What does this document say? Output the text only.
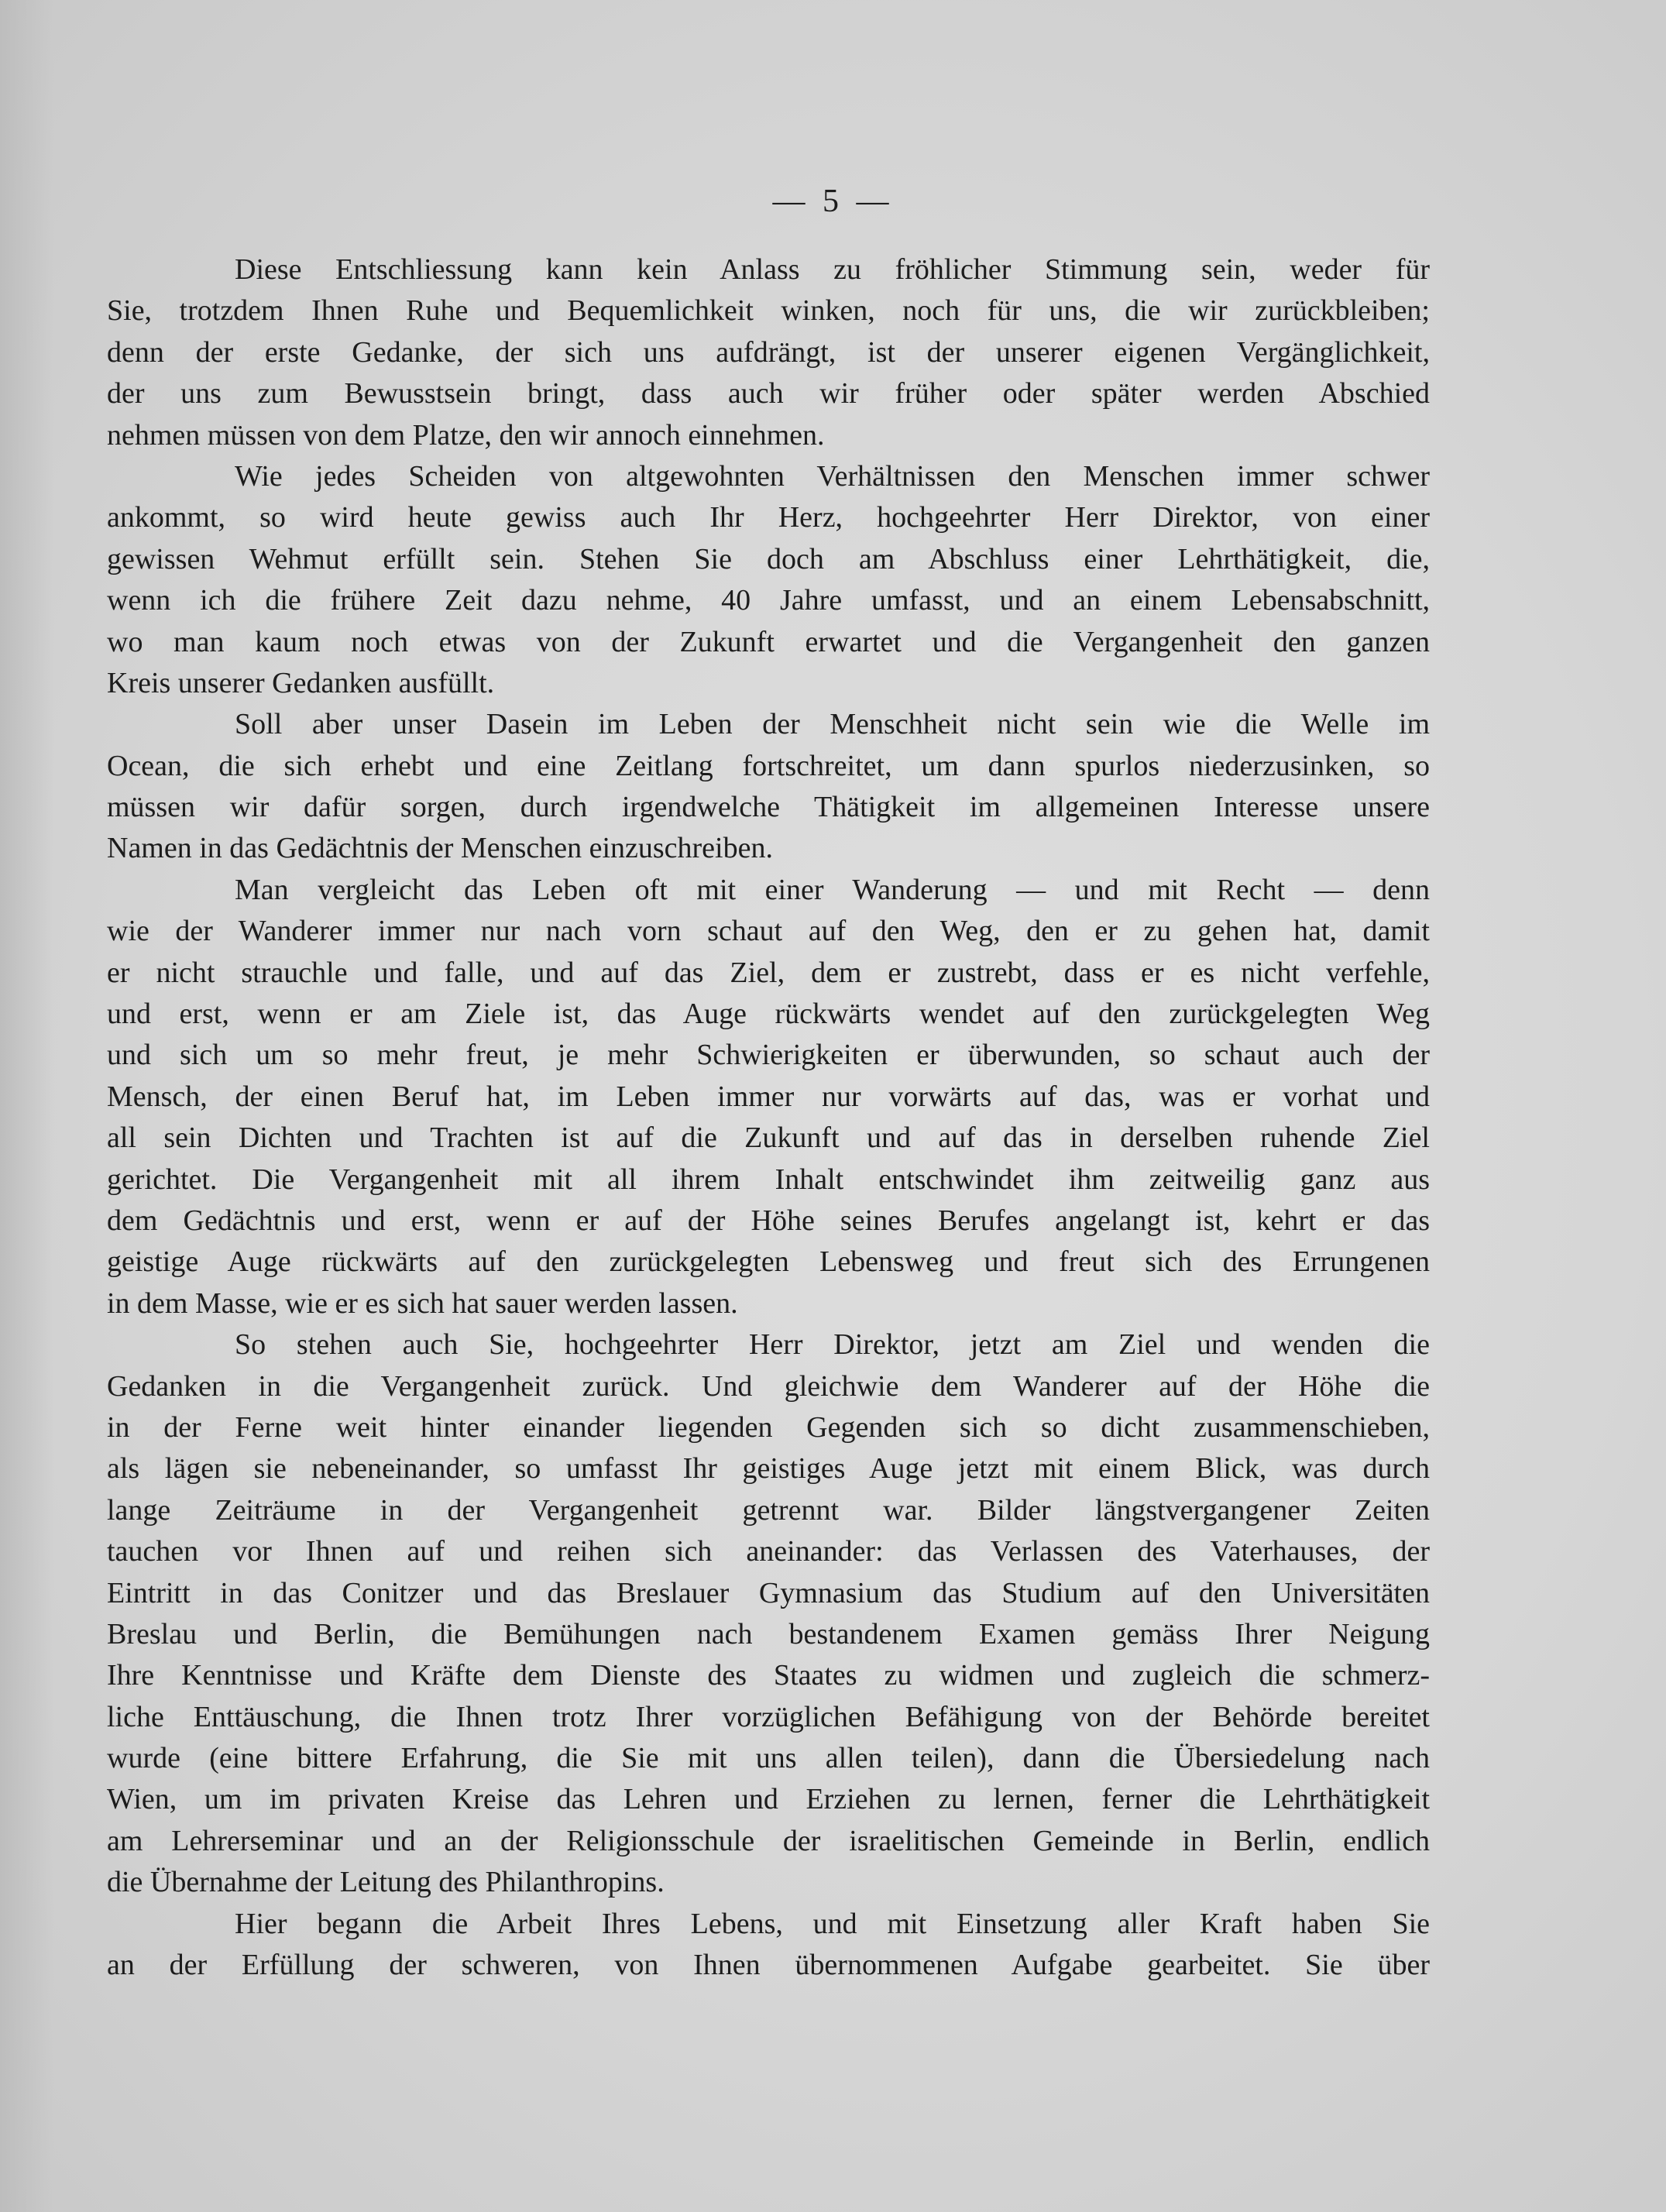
— 5 —
Diese Entschliessung kann kein Anlass zu fröhlicher Stimmung sein, weder für
Sie, trotzdem Ihnen Ruhe und Bequemlichkeit winken, noch für uns, die wir zurückbleiben;
denn der erste Gedanke, der sich uns aufdrängt, ist der unserer eigenen Vergänglichkeit,
der uns zum Bewusstsein bringt, dass auch wir früher oder später werden Abschied
nehmen müssen von dem Platze, den wir annoch einnehmen.
Wie jedes Scheiden von altgewohnten Verhältnissen den Menschen immer schwer
ankommt, so wird heute gewiss auch Ihr Herz, hochgeehrter Herr Direktor, von einer
gewissen Wehmut erfüllt sein. Stehen Sie doch am Abschluss einer Lehrthätigkeit, die,
wenn ich die frühere Zeit dazu nehme, 40 Jahre umfasst, und an einem Lebensabschnitt,
wo man kaum noch etwas von der Zukunft erwartet und die Vergangenheit den ganzen
Kreis unserer Gedanken ausfüllt.
Soll aber unser Dasein im Leben der Menschheit nicht sein wie die Welle im
Ocean, die sich erhebt und eine Zeitlang fortschreitet, um dann spurlos niederzusinken, so
müssen wir dafür sorgen, durch irgendwelche Thätigkeit im allgemeinen Interesse unsere
Namen in das Gedächtnis der Menschen einzuschreiben.
Man vergleicht das Leben oft mit einer Wanderung — und mit Recht — denn
wie der Wanderer immer nur nach vorn schaut auf den Weg, den er zu gehen hat, damit
er nicht strauchle und falle, und auf das Ziel, dem er zustrebt, dass er es nicht verfehle,
und erst, wenn er am Ziele ist, das Auge rückwärts wendet auf den zurückgelegten Weg
und sich um so mehr freut, je mehr Schwierigkeiten er überwunden, so schaut auch der
Mensch, der einen Beruf hat, im Leben immer nur vorwärts auf das, was er vorhat und
all sein Dichten und Trachten ist auf die Zukunft und auf das in derselben ruhende Ziel
gerichtet. Die Vergangenheit mit all ihrem Inhalt entschwindet ihm zeitweilig ganz aus
dem Gedächtnis und erst, wenn er auf der Höhe seines Berufes angelangt ist, kehrt er das
geistige Auge rückwärts auf den zurückgelegten Lebensweg und freut sich des Errungenen
in dem Masse, wie er es sich hat sauer werden lassen.
So stehen auch Sie, hochgeehrter Herr Direktor, jetzt am Ziel und wenden die
Gedanken in die Vergangenheit zurück. Und gleichwie dem Wanderer auf der Höhe die
in der Ferne weit hinter einander liegenden Gegenden sich so dicht zusammenschieben,
als lägen sie nebeneinander, so umfasst Ihr geistiges Auge jetzt mit einem Blick, was durch
lange Zeiträume in der Vergangenheit getrennt war. Bilder längstvergangener Zeiten
tauchen vor Ihnen auf und reihen sich aneinander: das Verlassen des Vaterhauses, der
Eintritt in das Conitzer und das Breslauer Gymnasium das Studium auf den Universitäten
Breslau und Berlin, die Bemühungen nach bestandenem Examen gemäss Ihrer Neigung
Ihre Kenntnisse und Kräfte dem Dienste des Staates zu widmen und zugleich die schmerz-
liche Enttäuschung, die Ihnen trotz Ihrer vorzüglichen Befähigung von der Behörde bereitet
wurde (eine bittere Erfahrung, die Sie mit uns allen teilen), dann die Übersiedelung nach
Wien, um im privaten Kreise das Lehren und Erziehen zu lernen, ferner die Lehrthätigkeit
am Lehrerseminar und an der Religionsschule der israelitischen Gemeinde in Berlin, endlich
die Übernahme der Leitung des Philanthropins.
Hier begann die Arbeit Ihres Lebens, und mit Einsetzung aller Kraft haben Sie
an der Erfüllung der schweren, von Ihnen übernommenen Aufgabe gearbeitet. Sie über
